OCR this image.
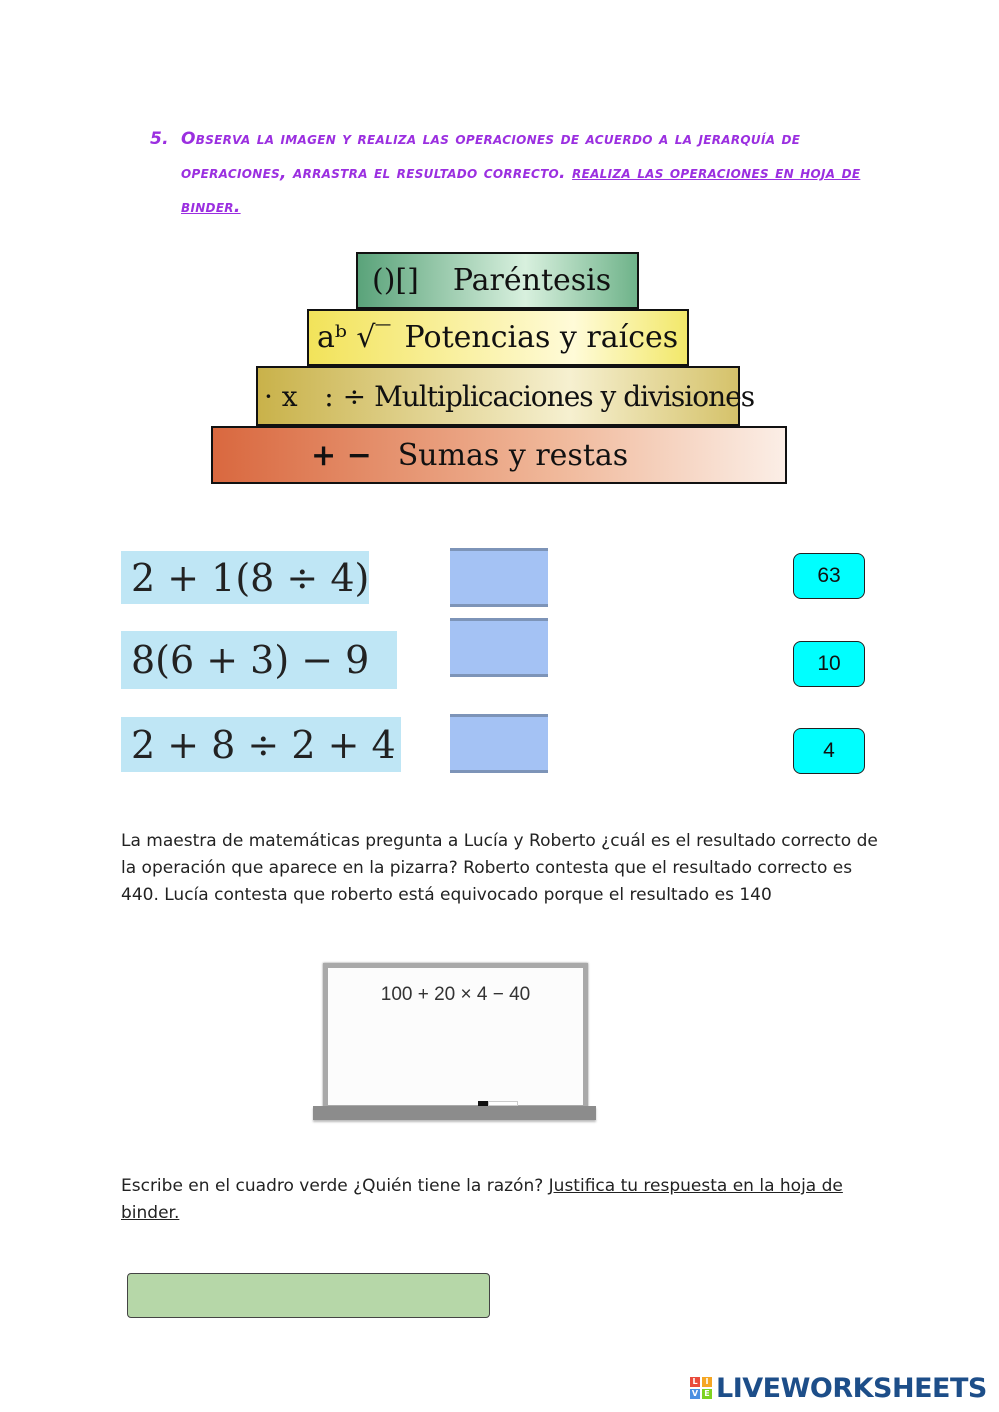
5. Observa la imagen y realiza las operaciones de acuerdo a la jerarquía de operaciones, arrastra el resultado correcto. realiza las operaciones en hoja de binder.
()[] Paréntesis
aᵇ √‾ Potencias y raíces
· x   : ÷ Multiplicaciones y divisiones
+ − Sumas y restas
2 + 1(8 ÷ 4)
8(6 + 3) − 9
2 + 8 ÷ 2 + 4
63
10
4
La maestra de matemáticas pregunta a Lucía y Roberto ¿cuál es el resultado correcto de la operación que aparece en la pizarra? Roberto contesta que el resultado correcto es 440. Lucía contesta que roberto está equivocado porque el resultado es 140
100 + 20 × 4 − 40
Escribe en el cuadro verde ¿Quién tiene la razón? Justifica tu respuesta en la hoja de binder.
L I
V E LIVEWORKSHEETS
